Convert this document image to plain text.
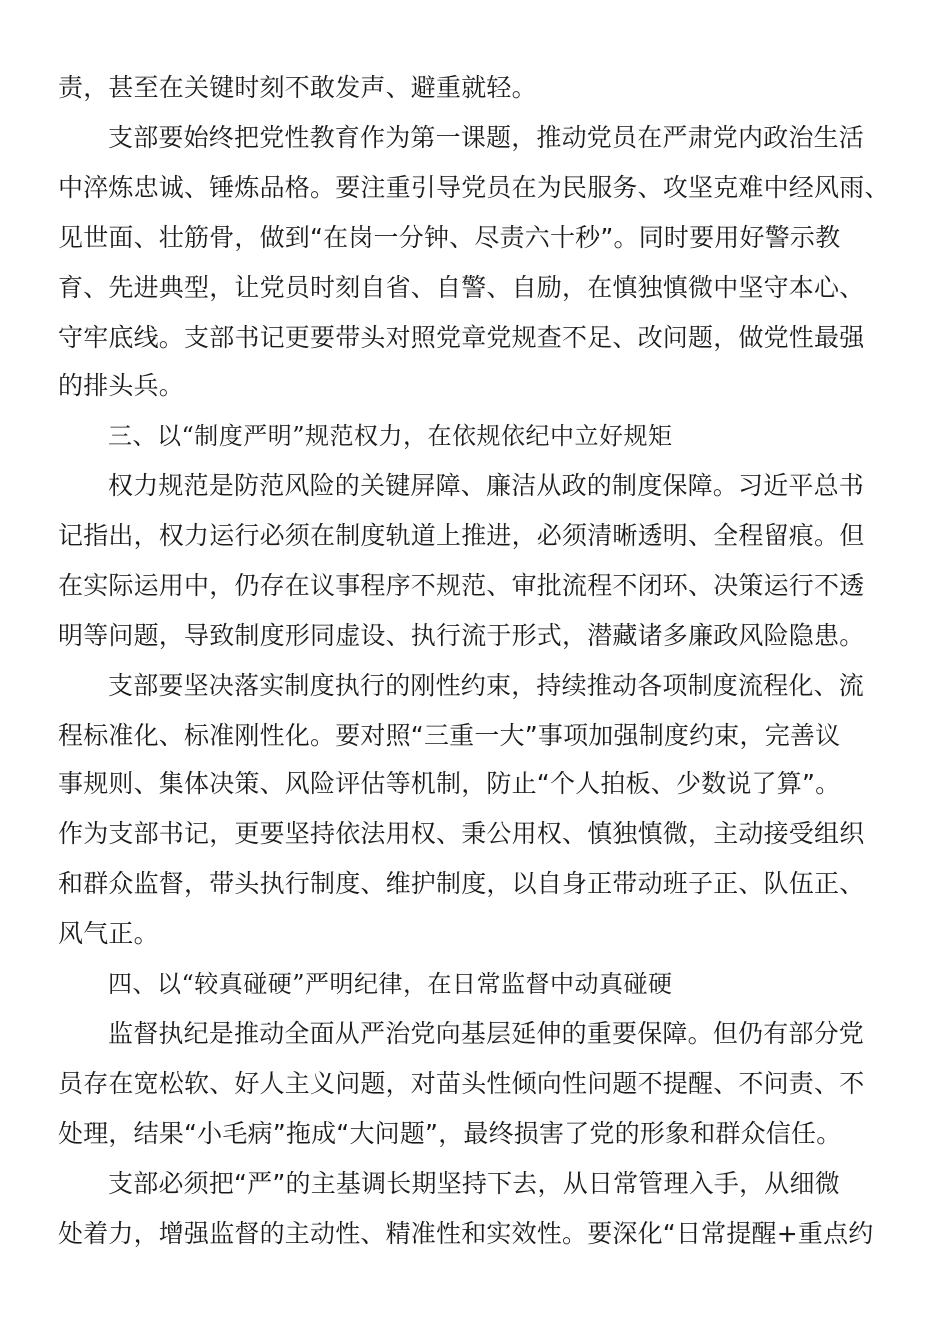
责，甚至在关键时刻不敢发声、避重就轻。
支部要始终把党性教育作为第一课题，推动党员在严肃党内政治生活
中淬炼忠诚、锤炼品格。要注重引导党员在为民服务、攻坚克难中经风雨、
见世面、壮筋骨，做到“在岗一分钟、尽责六十秒”。同时要用好警示教
育、先进典型，让党员时刻自省、自警、自励，在慎独慎微中坚守本心、
守牢底线。支部书记更要带头对照党章党规查不足、改问题，做党性最强
的排头兵。
三、以“制度严明”规范权力，在依规依纪中立好规矩
权力规范是防范风险的关键屏障、廉洁从政的制度保障。习近平总书
记指出，权力运行必须在制度轨道上推进，必须清晰透明、全程留痕。但
在实际运用中，仍存在议事程序不规范、审批流程不闭环、决策运行不透
明等问题，导致制度形同虚设、执行流于形式，潜藏诸多廉政风险隐患。
支部要坚决落实制度执行的刚性约束，持续推动各项制度流程化、流
程标准化、标准刚性化。要对照“三重一大”事项加强制度约束，完善议
事规则、集体决策、风险评估等机制，防止“个人拍板、少数说了算”。
作为支部书记，更要坚持依法用权、秉公用权、慎独慎微，主动接受组织
和群众监督，带头执行制度、维护制度，以自身正带动班子正、队伍正、
风气正。
四、以“较真碰硬”严明纪律，在日常监督中动真碰硬
监督执纪是推动全面从严治党向基层延伸的重要保障。但仍有部分党
员存在宽松软、好人主义问题，对苗头性倾向性问题不提醒、不问责、不
处理，结果“小毛病”拖成“大问题”，最终损害了党的形象和群众信任。
支部必须把“严”的主基调长期坚持下去，从日常管理入手，从细微
处着力，增强监督的主动性、精准性和实效性。要深化“日常提醒+重点约
